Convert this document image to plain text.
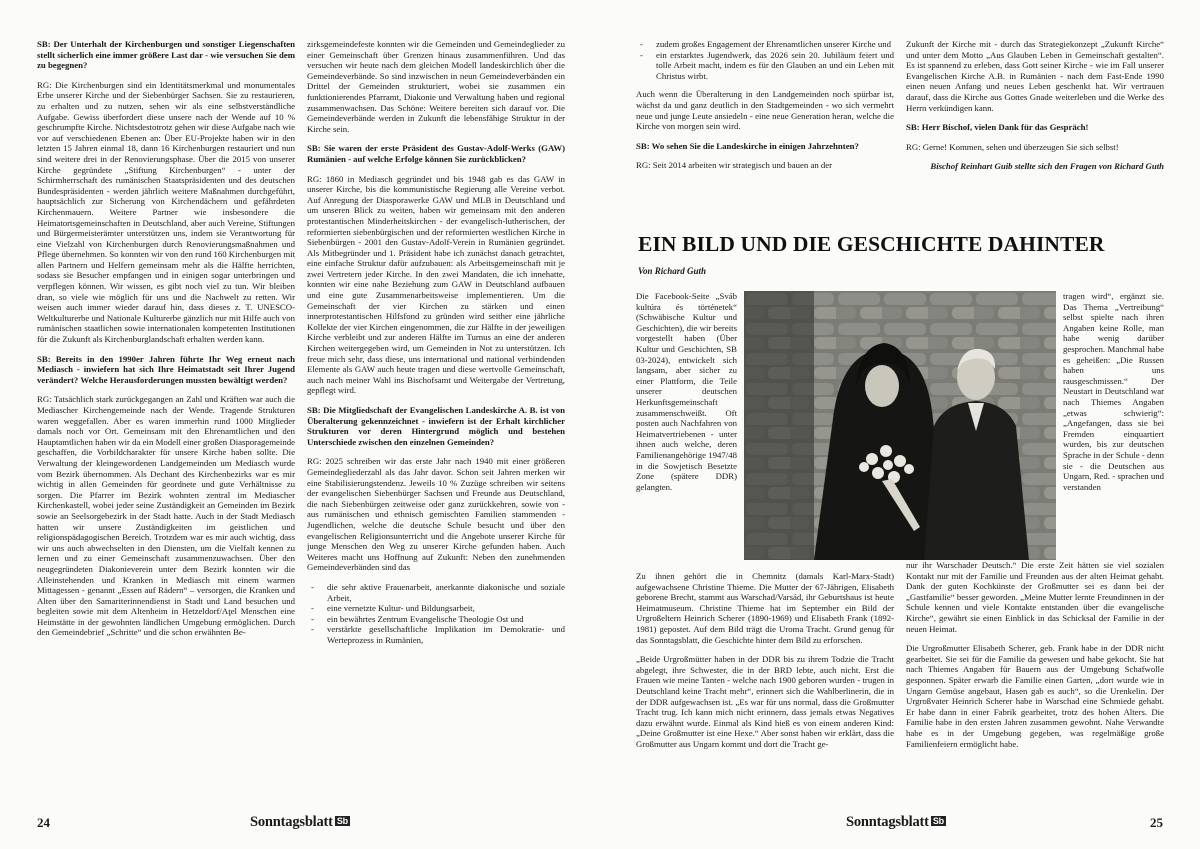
SB: Der Unterhalt der Kirchenburgen und sonstiger Liegenschaften stellt sicherlich eine immer größere Last dar - wie versuchen Sie dem zu begegnen?

RG: Die Kirchenburgen sind ein Identitätsmerkmal und monumentales Erbe unserer Kirche und der Siebenbürger Sachsen. Sie zu restaurieren, zu erhalten und zu nutzen, sehen wir als eine selbstverständliche Aufgabe. Gewiss überfordert diese unsere nach der Wende auf 10 % geschrumpfte Kirche. Nichtsdestotrotz gehen wir diese Aufgabe nach wie vor auf verschiedenen Ebenen an: Über EU-Projekte haben wir in den letzten 15 Jahren einmal 18, dann 16 Kirchenburgen restauriert und nun sind weitere drei in der Renovierungsphase. Über die 2015 von unserer Kirche gegründete „Stiftung Kirchenburgen“ - unter der Schirmherrschaft des rumänischen Staatspräsidenten und des deutschen Bundespräsidenten - werden jährlich weitere Maßnahmen durchgeführt, hauptsächlich zur Sicherung von Kirchendächern und gefährdeten Kirchenmauern. Weitere Partner wie insbesondere die Heimatortsgemeinschaften in Deutschland, aber auch Vereine, Stiftungen und Bürgermeisterämter unterstützen uns, indem sie Verantwortung für eine Vielzahl von Kirchenburgen durch Renovierungsmaßnahmen und Pflege übernehmen. So konnten wir von den rund 160 Kirchenburgen mit allen Partnern und Helfern gemeinsam mehr als die Hälfte herrichten, sodass sie Besucher empfangen und in einigen sogar unterbringen und verpflegen können. Wir wissen, es gibt noch viel zu tun. Wir bleiben dran, so viele wie möglich für uns und die Nachwelt zu retten. Wir weisen auch immer wieder darauf hin, dass dieses z. T. UNESCO-Weltkulturerbe und Nationale Kulturerbe gänzlich nur mit Hilfe auch von rumänischen staatlichen sowie internationalen kompetenten Institutionen für die Zukunft als Kirchenburglandschaft erhalten werden kann.

SB: Bereits in den 1990er Jahren führte Ihr Weg erneut nach Mediasch - inwiefern hat sich Ihre Heimatstadt seit Ihrer Jugend verändert? Welche Herausforderungen mussten bewältigt werden?

RG: Tatsächlich stark zurückgegangen an Zahl und Kräften war auch die Mediascher Kirchengemeinde nach der Wende. Tragende Strukturen waren weggefallen. Aber es waren immerhin rund 1000 Mitglieder damals noch vor Ort. Gemeinsam mit den Ehrenamtlichen und den Hauptamtlichen haben wir da ein Modell einer großen Diasporagemeinde geschaffen, die Vorbildcharakter für unsere Kirche haben sollte. Die Verwaltung der kleingewordenen Landgemeinden um Mediasch wurde vom Bezirk übernommen. Als Dechant des Kirchenbezirks war es mir wichtig in allen Gemeinden für geordnete und gute Verhältnisse zu sorgen. Die Pfarrer im Bezirk wohnten zentral im Mediascher Kirchenkastell, wobei jeder seine Zuständigkeit an Gemeinden im Bezirk sowie an Seelsorgebezirk in der Stadt hatte. Auch in der Stadt Mediasch hatten wir unsere Zuständigkeiten im geistlichen und religionspädagogischen Bereich. Trotzdem war es mir auch wichtig, dass wir uns auch abwechselten in den Diensten, um die Vielfalt kennen zu lernen und zu einer Gemeinschaft zusammenzuwachsen. Über den neugegründeten Diakonieverein unter dem Bezirk konnten wir die Alleinstehenden und Kranken in Mediasch mit einem warmen Mittagessen - genannt „Essen auf Rädern“ – versorgen, die Kranken und Alten über den Samariterinnendienst in Stadt und Land besuchen und begleiten sowie mit dem Altenheim in Hetzeldorf/Aţel Menschen eine Heimstätte in der gewohnten ländlichen Umgebung ermöglichen. Durch den Gemeindebrief „Schritte“ und die schon erwähnten Be-

zirksgemeindefeste konnten wir die Gemeinden und Gemeindeglieder zu einer Gemeinschaft über Grenzen hinaus zusammenführen. Und das versuchen wir heute nach dem gleichen Modell landeskirchlich über die Gemeindeverbände. So sind inzwischen in neun Gemeindeverbänden ein Drittel der Gemeinden strukturiert, wobei sie zusammen ein funktionierendes Pfarramt, Diakonie und Verwaltung haben und regional zusammenwachsen. Das Schöne: Weitere bereiten sich darauf vor. Die Gemeindeverbände werden in Zukunft die lebensfähige Struktur in der Kirche sein.

SB: Sie waren der erste Präsident des Gustav-Adolf-Werks (GAW) Rumänien - auf welche Erfolge können Sie zurückblicken?

RG: 1860 in Mediasch gegründet und bis 1948 gab es das GAW in unserer Kirche, bis die kommunistische Regierung alle Vereine verbot. Auf Anregung der Diasporawerke GAW und MLB in Deutschland und um unseren Blick zu weiten, haben wir gemeinsam mit den anderen protestantischen Minderheitskirchen - der evangelisch-lutherischen, der reformierten siebenbürgischen und der reformierten westlichen Kirche in Siebenbürgen - 2001 den Gustav-Adolf-Verein in Rumänien gegründet. Als Mitbegründer und 1. Präsident habe ich zunächst danach getrachtet, eine einfache Struktur dafür aufzubauen: als Arbeitsgemeinschaft mit je zwei Vertretern jeder Kirche. In den zwei Mandaten, die ich innehatte, konnten wir eine nahe Beziehung zum GAW in Deutschland aufbauen und eine gute Zusammenarbeitsweise implementieren. Um die Gemeinschaft der vier Kirchen zu stärken und einen innerprotestantischen Hilfsfond zu gründen wird seither eine jährliche Kollekte der vier Kirchen eingenommen, die zur Hälfte in der jeweiligen Kirche verbleibt und zur anderen Hälfte im Turnus an eine der anderen Kirchen weitergegeben wird, um Gemeinden in Not zu unterstützen. Ich freue mich sehr, dass diese, uns international und national verbindenden Elemente als GAW auch heute tragen und diese wertvolle Gemeinschaft, auch nach meiner Wahl ins Bischofsamt und Weitergabe der Vertretung, gepflegt wird.

SB: Die Mitgliedschaft der Evangelischen Landeskirche A. B. ist von Überalterung gekennzeichnet - inwiefern ist der Erhalt kirchlicher Strukturen vor deren Hintergrund möglich und bestehen Unterschiede zwischen den einzelnen Gemeinden?

RG: 2025 schreiben wir das erste Jahr nach 1940 mit einer größeren Gemeindegliederzahl als das Jahr davor. Schon seit Jahren merken wir eine Stabilisierungstendenz. Jeweils 10 % Zuzüge schreiben wir seitens der evangelischen Siebenbürger Sachsen und Freunde aus Deutschland, die nach Siebenbürgen zeitweise oder ganz zurückkehren, sowie von - aus rumänischen und ethnisch gemischten Familien stammenden - Jugendlichen, welche die deutsche Schule besucht und über den evangelischen Religionsunterricht und die Angebote unserer Kirche für junge Menschen den Weg zu unserer Kirche gefunden haben. Auch Weiteres macht uns Hoffnung auf Zukunft: Neben den zunehmenden Gemeindeverbänden sind das

- die sehr aktive Frauenarbeit, anerkannte diakonische und soziale Arbeit,
- eine vernetzte Kultur- und Bildungsarbeit,
- ein bewährtes Zentrum Evangelische Theologie Ost und
- verstärkte gesellschaftliche Implikation im Demokratie- und Werteprozess in Rumänien,
24	Sonntagsblatt Sb
- zudem großes Engagement der Ehrenamtlichen unserer Kirche und
- ein erstarktes Jugendwerk, das 2026 sein 20. Jubiläum feiert und tolle Arbeit macht, indem es für den Glauben an und ein Leben mit Christus wirbt.

Auch wenn die Überalterung in den Landgemeinden noch spürbar ist, wächst da und ganz deutlich in den Stadtgemeinden - wo sich vermehrt neue und junge Leute ansiedeln - eine neue Generation heran, welche die Kirche von morgen sein wird.

SB: Wo sehen Sie die Landeskirche in einigen Jahrzehnten?

RG: Seit 2014 arbeiten wir strategisch und bauen an der

Zukunft der Kirche mit - durch das Strategiekonzept „Zukunft Kirche“ und unter dem Motto „Aus Glauben Leben in Gemeinschaft gestalten“. Es ist spannend zu erleben, dass Gott seiner Kirche - wie im Fall unserer Evangelischen Kirche A.B. in Rumänien - nach dem Fast-Ende 1990 einen neuen Anfang und neues Leben geschenkt hat. Wir vertrauen darauf, dass die Kirche aus Gottes Gnade weiterleben und die Werke des Herrn verkündigen kann.

SB: Herr Bischof, vielen Dank für das Gespräch!

RG: Gerne! Kommen, sehen und überzeugen Sie sich selbst!

Bischof Reinhart Guib stellte sich den Fragen von Richard Guth

EIN BILD UND DIE GESCHICHTE DAHINTER
Von Richard Guth

Die Facebook-Seite „Sváb kultúra és történetek“ (Schwäbische Kultur und Geschichten), die wir bereits vorgestellt haben (Über Kultur und Geschichten, SB 03-2024), entwickelt sich langsam, aber sicher zu einer Plattform, die Teile unserer deutschen Herkunftsgemeinschaft zusammenschweißt. Oft posten auch Nachfahren von Heimatvertriebenen - unter ihnen auch welche, deren Familienangehörige 1947/48 in die Sowjetisch Besetzte Zone (spätere DDR) gelangten.

tragen wird“, ergänzt sie. Das Thema „Vertreibung“ selbst spielte nach ihren Angaben keine Rolle, man habe wenig darüber gesprochen. Manchmal habe es geheißen: „Die Russen haben uns rausgeschmissen.“ Der Neustart in Deutschland war nach Thiemes Angaben „etwas schwierig“: „Angefangen, dass sie bei Fremden einquartiert wurden, bis zur deutschen Sprache in der Schule - denn sie - die Deutschen aus Ungarn, Red. - sprachen und verstanden

Zu ihnen gehört die in Chemnitz (damals Karl-Marx-Stadt) aufgewachsene Christine Thieme. Die Mutter der 67-Jährigen, Elisabeth geborene Brecht, stammt aus Warschad/Varsád, ihr Geburtshaus ist heute Heimatmuseum. Christine Thieme hat im September ein Bild der Urgroßeltern Heinrich Scherer (1890-1969) und Elisabeth Frank (1892-1981) gepostet. Auf dem Bild trägt die Uroma Tracht. Grund genug für das Sonntagsblatt, die Geschichte hinter dem Bild zu erforschen.

„Beide Urgroßmütter haben in der DDR bis zu ihrem Todzie die Tracht abgelegt, ihre Schwester, die in der BRD lebte, auch nicht. Erst die Frauen wie meine Tanten - welche nach 1900 geboren wurden - trugen in Deutschland keine Tracht mehr“, erinnert sich die Wahlberlinerin, die in der DDR aufgewachsen ist. „Es war für uns normal, dass die Großmutter Tracht trug. Ich kann mich nicht erinnern, dass jemals etwas Negatives dazu erwähnt wurde. Einmal als Kind hieß es von einem anderen Kind: „Deine Großmutter ist eine Hexe.“ Aber sonst haben wir erklärt, dass die Großmutter aus Ungarn kommt und dort die Tracht ge-

nur ihr Warschader Deutsch.“ Die erste Zeit hätten sie viel sozialen Kontakt nur mit der Familie und Freunden aus der alten Heimat gehabt. Dank der guten Kochkünste der Großmutter sei es dann bei der „Gastfamilie“ besser geworden. „Meine Mutter lernte Freundinnen in der Schule kennen und viele Kontakte entstanden über die evangelische Kirche“, gewährt sie einen Einblick in das Schicksal der Familie in der neuen Heimat.

Die Urgroßmutter Elisabeth Scherer, geb. Frank habe in der DDR nicht gearbeitet. Sie sei für die Familie da gewesen und habe gekocht. Sie hat nach Thiemes Angaben für Bauern aus der Umgebung Schafwolle gesponnen. Später erwarb die Familie einen Garten, „dort wurde wie in Ungarn Gemüse angebaut, Hasen gab es auch“, so die Urenkelin. Der Urgroßvater Heinrich Scherer habe in Warschad eine Schmiede gehabt. Er habe dann in einer Fabrik gearbeitet, trotz des hohen Alters. Die Familie habe in den ersten Jahren zusammen gewohnt. Nahe Verwandte habe es in der Umgebung gegeben, was regelmäßige große Familienfeiern ermöglicht habe.

Sonntagsblatt Sb	25
